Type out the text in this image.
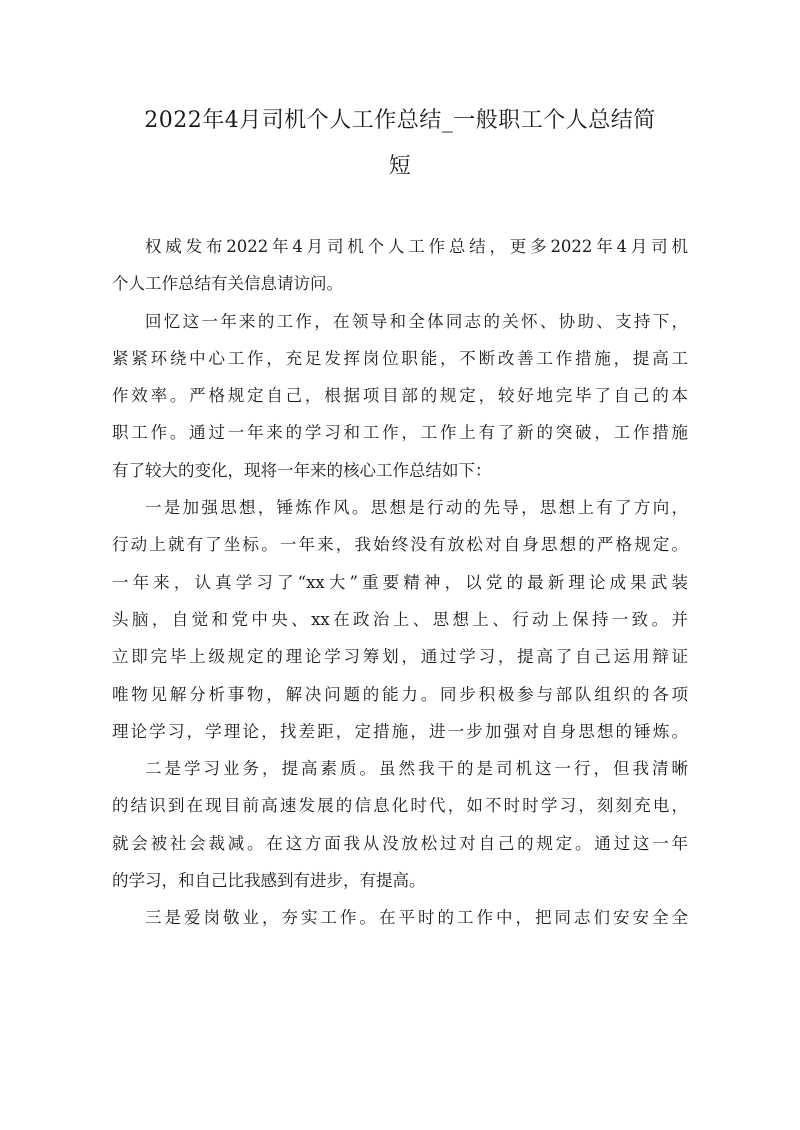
2022年4月司机个人工作总结_一般职工个人总结简
短
权威发布2022年4月司机个人工作总结，更多2022年4月司机
个人工作总结有关信息请访问。
回忆这一年来的工作，在领导和全体同志的关怀、协助、支持下，
紧紧环绕中心工作，充足发挥岗位职能，不断改善工作措施，提高工
作效率。严格规定自己，根据项目部的规定，较好地完毕了自己的本
职工作。通过一年来的学习和工作，工作上有了新的突破，工作措施
有了较大的变化，现将一年来的核心工作总结如下：
一是加强思想，锤炼作风。思想是行动的先导，思想上有了方向，
行动上就有了坐标。一年来，我始终没有放松对自身思想的严格规定。
一年来，认真学习了“xx大”重要精神，以党的最新理论成果武装
头脑，自觉和党中央、xx在政治上、思想上、行动上保持一致。并
立即完毕上级规定的理论学习筹划，通过学习，提高了自己运用辩证
唯物见解分析事物，解决问题的能力。同步积极参与部队组织的各项
理论学习，学理论，找差距，定措施，进一步加强对自身思想的锤炼。
二是学习业务，提高素质。虽然我干的是司机这一行，但我清晰
的结识到在现目前高速发展的信息化时代，如不时时学习，刻刻充电，
就会被社会裁减。在这方面我从没放松过对自己的规定。通过这一年
的学习，和自己比我感到有进步，有提高。
三是爱岗敬业，夯实工作。在平时的工作中，把同志们安安全全
